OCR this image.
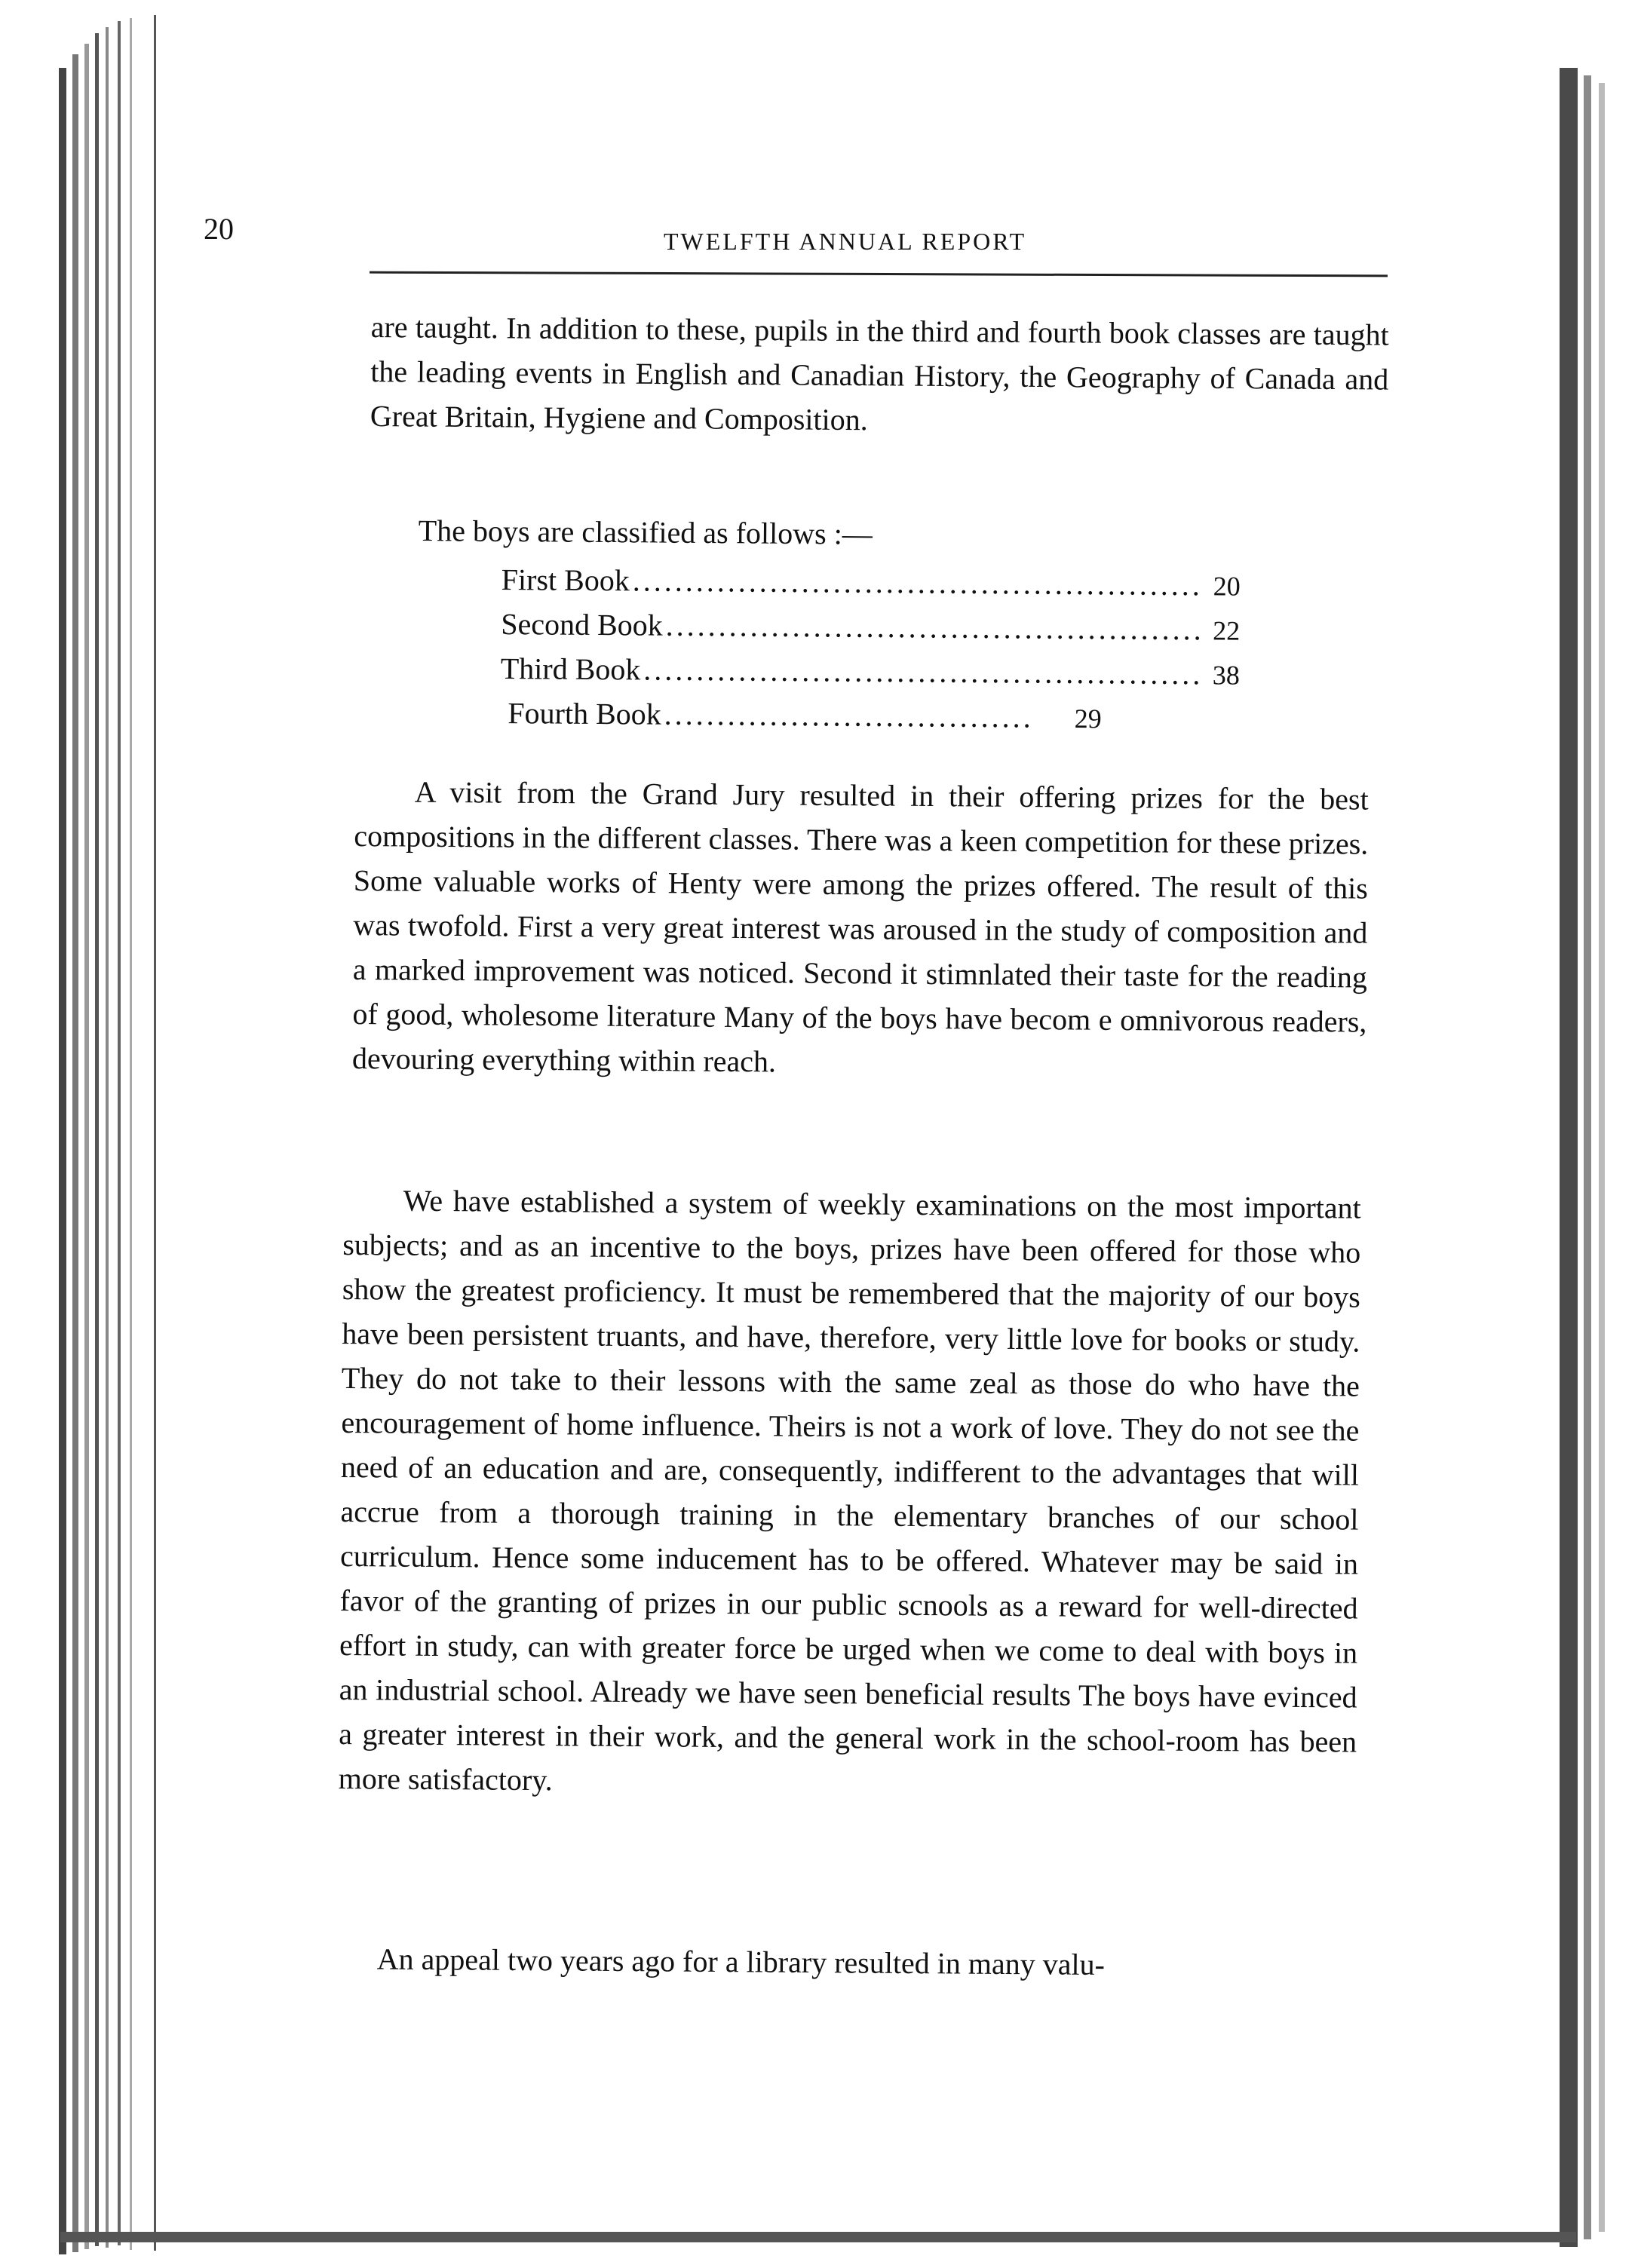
20	TWELFTH ANNUAL REPORT

are taught. In addition to these, pupils in the third and fourth book classes are taught the leading events in English and Canadian History, the Geography of Canada and Great Britain, Hygiene and Composition.

The boys are classified as follows :—

First Book .....	20
Second Book .....	22
Third Book .....	38
Fourth Book .....	29

A visit from the Grand Jury resulted in their offering prizes for the best compositions in the different classes. There was a keen competition for these prizes. Some valuable works of Henty were among the prizes offered. The result of this was twofold. First a very great interest was aroused in the study of composition and a marked improvement was noticed. Second it stimnlated their taste for the reading of good, wholesome literature Many of the boys have becom e omnivorous readers, devouring everything within reach.

We have established a system of weekly examinations on the most important subjects; and as an incentive to the boys, prizes have been offered for those who show the greatest proficiency. It must be remembered that the majority of our boys have been persistent truants, and have, therefore, very little love for books or study. They do not take to their lessons with the same zeal as those do who have the encouragement of home influence. Theirs is not a work of love. They do not see the need of an education and are, consequently, indifferent to the advantages that will accrue from a thorough training in the elementary branches of our school curriculum. Hence some inducement has to be offered. Whatever may be said in favor of the granting of prizes in our public scnools as a reward for well-directed effort in study, can with greater force be urged when we come to deal with boys in an industrial school. Already we have seen beneficial results The boys have evinced a greater interest in their work, and the general work in the school-room has been more satisfactory.

An appeal two years ago for a library resulted in many valu-
